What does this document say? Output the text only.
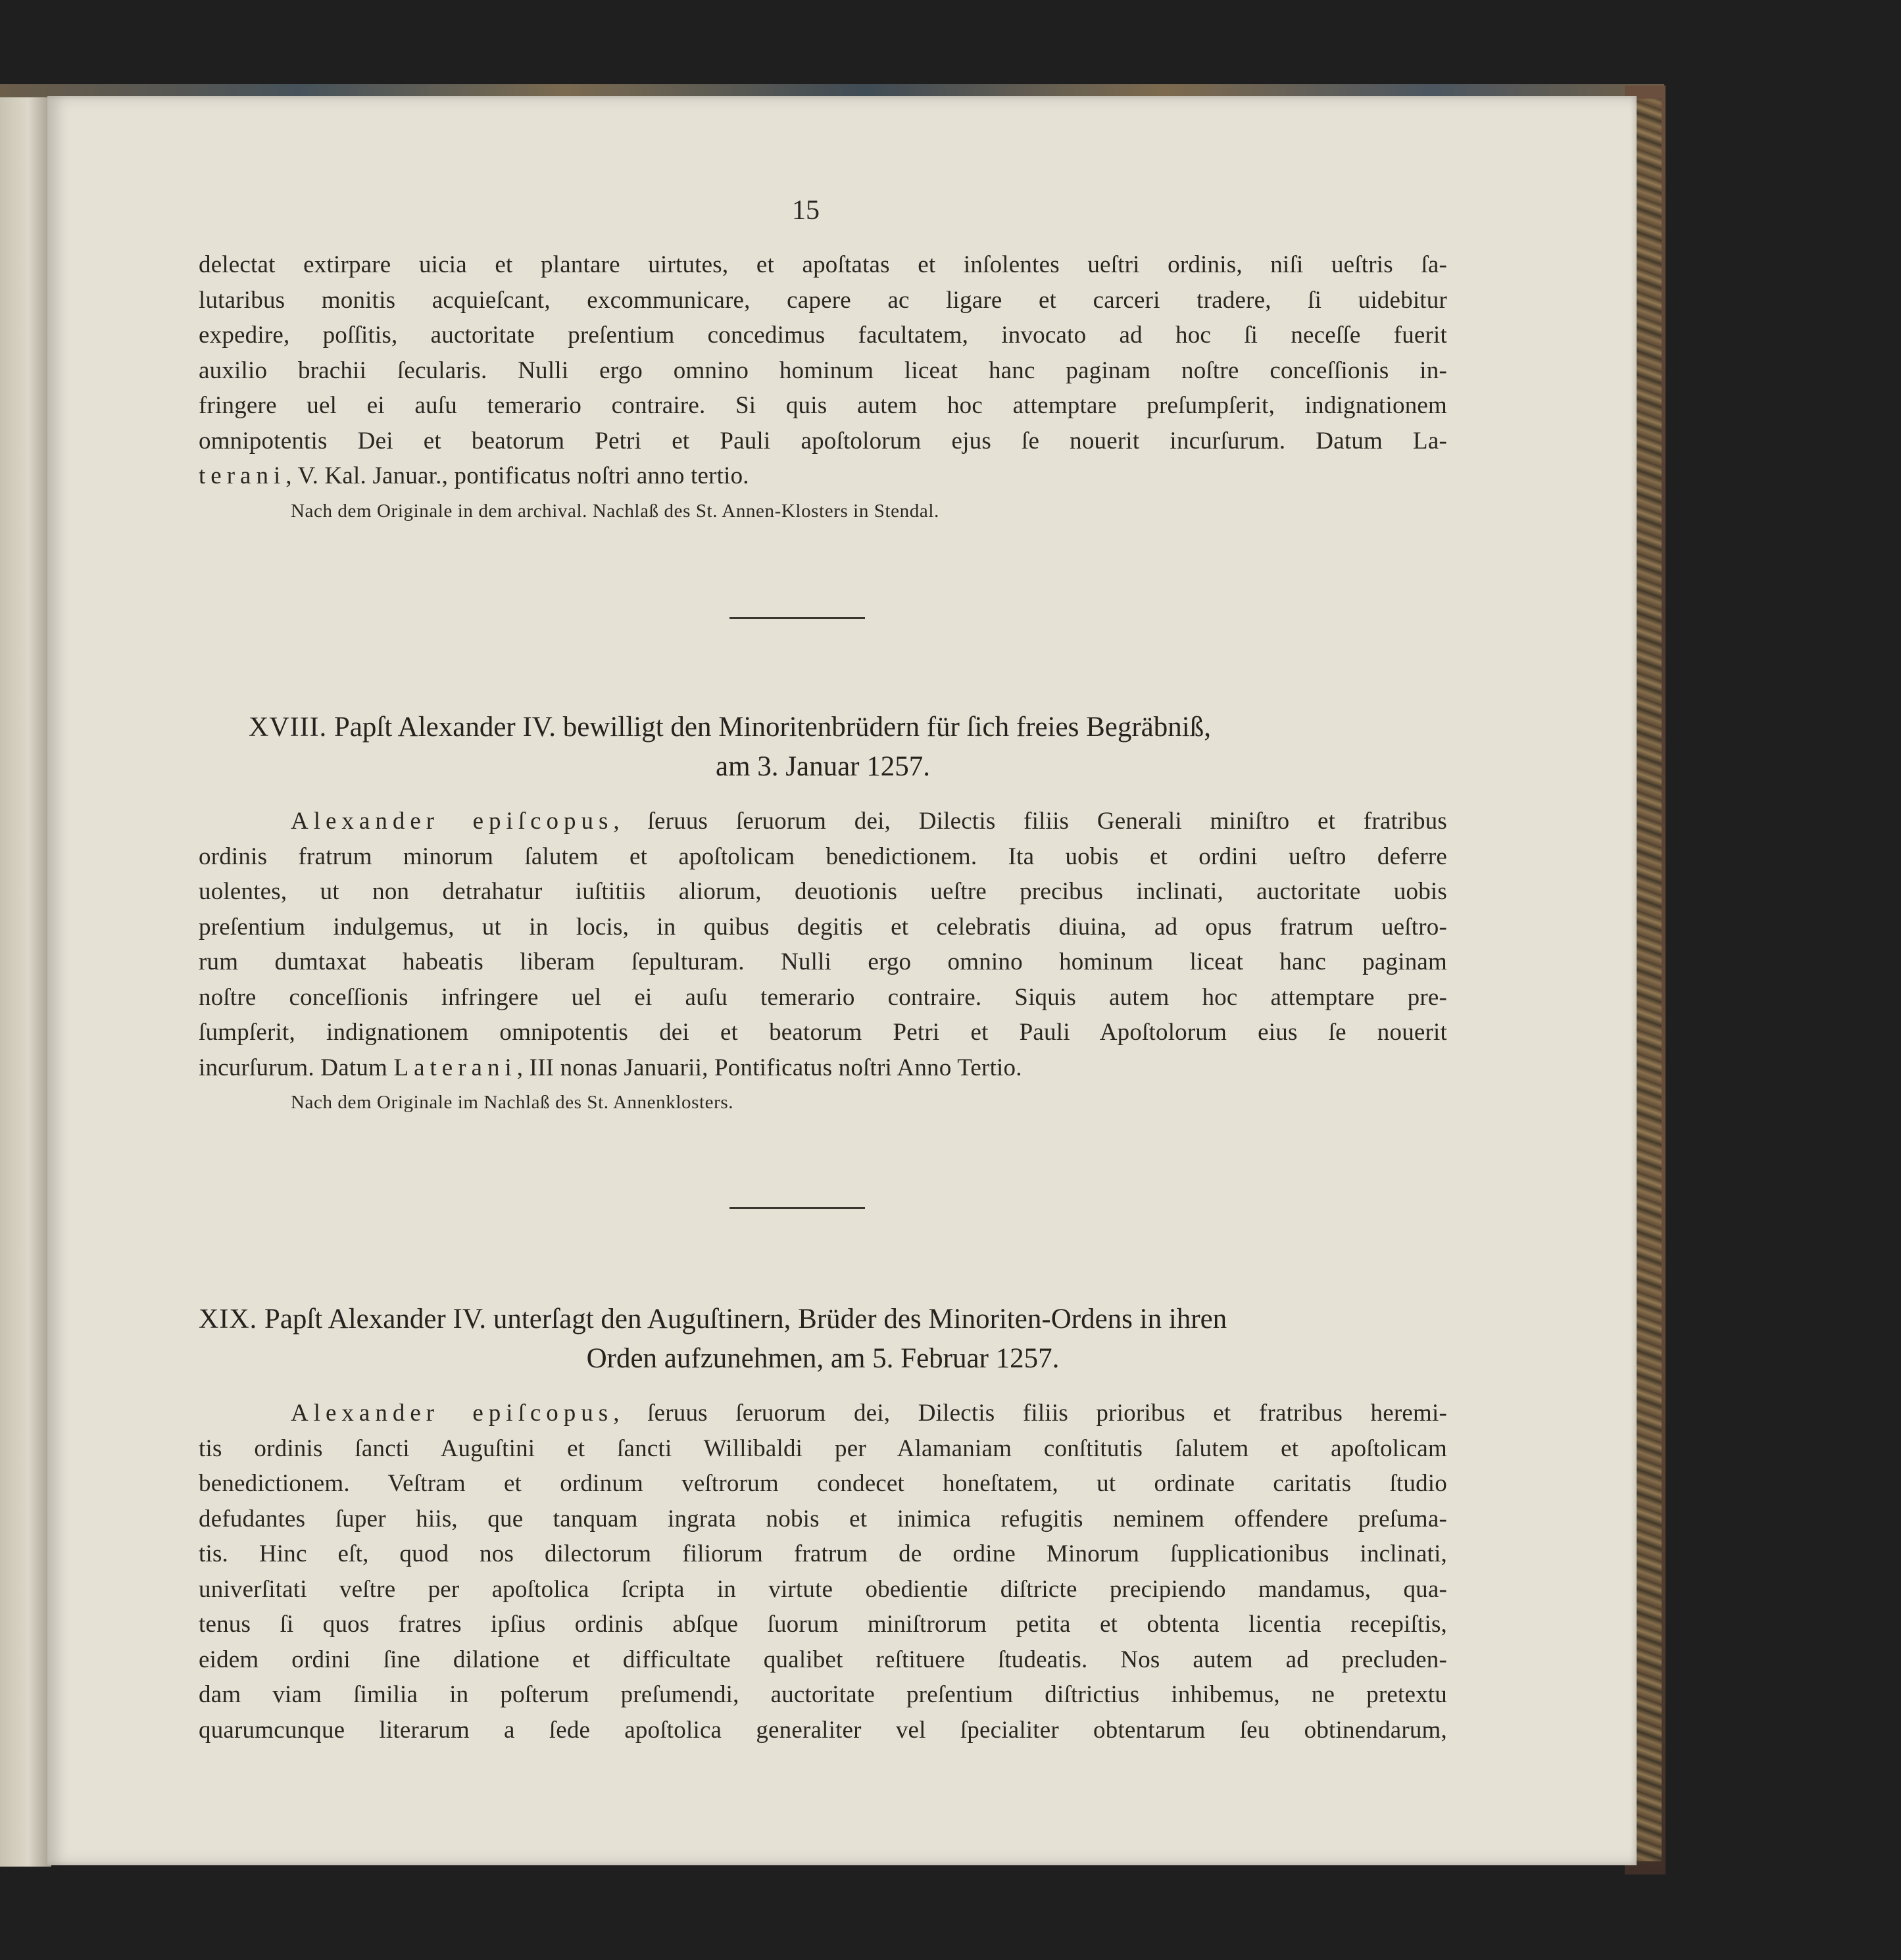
15

delectat extirpare uicia et plantare uirtutes, et apoſtatas et inſolentes ueſtri ordinis, niſi ueſtris ſa-

lutaribus monitis acquieſcant, excommunicare, capere ac ligare et carceri tradere, ſi uidebitur

expedire, poſſitis, auctoritate preſentium concedimus facultatem, invocato ad hoc ſi neceſſe fuerit

auxilio brachii ſecularis. Nulli ergo omnino hominum liceat hanc paginam noſtre conceſſionis in-

fringere uel ei auſu temerario contraire. Si quis autem hoc attemptare preſumpſerit, indignationem

omnipotentis Dei et beatorum Petri et Pauli apoſtolorum ejus ſe nouerit incurſurum. Datum La-

terani, V. Kal. Januar., pontificatus noſtri anno tertio.

Nach dem Originale in dem archival. Nachlaß des St. Annen-Klosters in Stendal.

XVIII. Papſt Alexander IV. bewilligt den Minoritenbrüdern für ſich freies Begräbniß,
am 3. Januar 1257.

Alexander epiſcopus, ſeruus ſeruorum dei, Dilectis filiis Generali miniſtro et fratribus

ordinis fratrum minorum ſalutem et apoſtolicam benedictionem. Ita uobis et ordini ueſtro deferre

uolentes, ut non detrahatur iuſtitiis aliorum, deuotionis ueſtre precibus inclinati, auctoritate uobis

preſentium indulgemus, ut in locis, in quibus degitis et celebratis diuina, ad opus fratrum ueſtro-

rum dumtaxat habeatis liberam ſepulturam. Nulli ergo omnino hominum liceat hanc paginam

noſtre conceſſionis infringere uel ei auſu temerario contraire. Siquis autem hoc attemptare pre-

ſumpſerit, indignationem omnipotentis dei et beatorum Petri et Pauli Apoſtolorum eius ſe nouerit

incurſurum. Datum Laterani, III nonas Januarii, Pontificatus noſtri Anno Tertio.

Nach dem Originale im Nachlaß des St. Annenklosters.

XIX. Papſt Alexander IV. unterſagt den Auguſtinern, Brüder des Minoriten-Ordens in ihren
Orden aufzunehmen, am 5. Februar 1257.

Alexander epiſcopus, ſeruus ſeruorum dei, Dilectis filiis prioribus et fratribus heremi-

tis ordinis ſancti Auguſtini et ſancti Willibaldi per Alamaniam conſtitutis ſalutem et apoſtolicam

benedictionem. Veſtram et ordinum veſtrorum condecet honeſtatem, ut ordinate caritatis ſtudio

defudantes ſuper hiis, que tanquam ingrata nobis et inimica refugitis neminem offendere preſuma-

tis. Hinc eſt, quod nos dilectorum filiorum fratrum de ordine Minorum ſupplicationibus inclinati,

univerſitati veſtre per apoſtolica ſcripta in virtute obedientie diſtricte precipiendo mandamus, qua-

tenus ſi quos fratres ipſius ordinis abſque ſuorum miniſtrorum petita et obtenta licentia recepiſtis,

eidem ordini ſine dilatione et difficultate qualibet reſtituere ſtudeatis. Nos autem ad precluden-

dam viam ſimilia in poſterum preſumendi, auctoritate preſentium diſtrictius inhibemus, ne pretextu

quarumcunque literarum a ſede apoſtolica generaliter vel ſpecialiter obtentarum ſeu obtinendarum,
